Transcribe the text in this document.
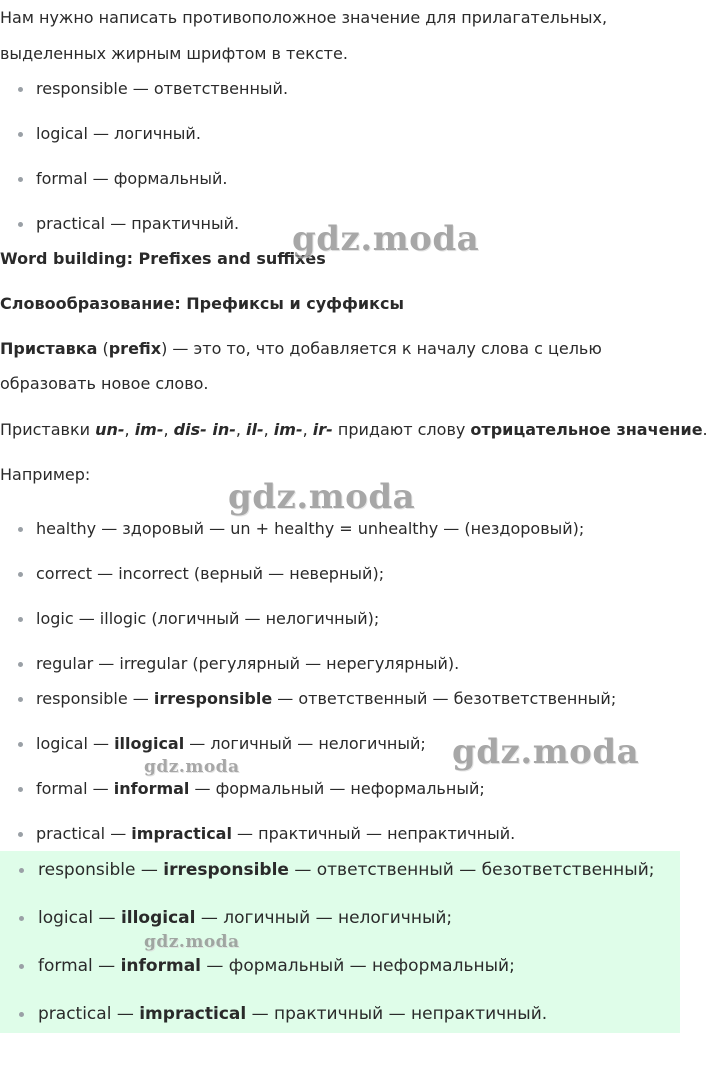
Нам нужно написать противоположное значение для прилагательных,
выделенных жирным шрифтом в тексте.
responsible — ответственный.
logical — логичный.
formal — формальный.
practical — практичный.
Word building: Prefixes and suffixes
Словообразование: Префиксы и суффиксы
Приставка (prefix) — это то, что добавляется к началу слова с целью
образовать новое слово.
Приставки un-, im-, dis- in-, il-, im-, ir- придают слову отрицательное значение.
Например:
healthy — здоровый — un + healthy = unhealthy — (нездоровый);
correct — incorrect (верный — неверный);
logic — illogic (логичный — нелогичный);
regular — irregular (регулярный — нерегулярный).
responsible — irresponsible — ответственный — безответственный;
logical — illogical — логичный — нелогичный;
formal — informal — формальный — неформальный;
practical — impractical — практичный — непрактичный.
responsible — irresponsible — ответственный — безответственный;
logical — illogical — логичный — нелогичный;
formal — informal — формальный — неформальный;
practical — impractical — практичный — непрактичный.
gdz.moda
gdz.moda
gdz.moda
gdz.moda
gdz.moda
